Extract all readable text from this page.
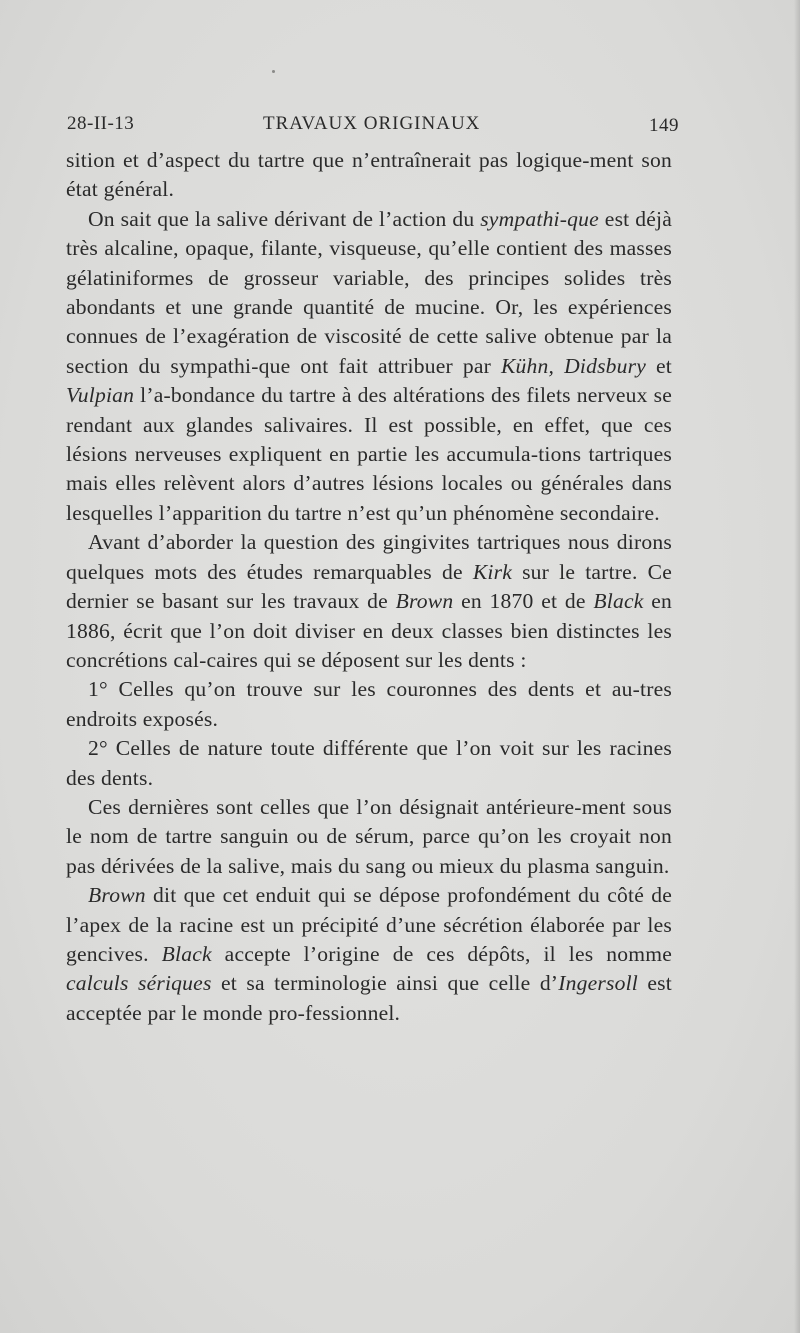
28-II-13	TRAVAUX ORIGINAUX	149

sition et d’aspect du tartre que n’entraînerait pas logique-ment son état général.

On sait que la salive dérivant de l’action du sympathi-que est déjà très alcaline, opaque, filante, visqueuse, qu’elle contient des masses gélatiniformes de grosseur variable, des principes solides très abondants et une grande quantité de mucine. Or, les expériences connues de l’exagération de viscosité de cette salive obtenue par la section du sympathi-que ont fait attribuer par Kühn, Didsbury et Vulpian l’a-bondance du tartre à des altérations des filets nerveux se rendant aux glandes salivaires. Il est possible, en effet, que ces lésions nerveuses expliquent en partie les accumula-tions tartriques mais elles relèvent alors d’autres lésions locales ou générales dans lesquelles l’apparition du tartre n’est qu’un phénomène secondaire.

Avant d’aborder la question des gingivites tartriques nous dirons quelques mots des études remarquables de Kirk sur le tartre. Ce dernier se basant sur les travaux de Brown en 1870 et de Black en 1886, écrit que l’on doit diviser en deux classes bien distinctes les concrétions cal-caires qui se déposent sur les dents :

1° Celles qu’on trouve sur les couronnes des dents et au-tres endroits exposés.

2° Celles de nature toute différente que l’on voit sur les racines des dents.

Ces dernières sont celles que l’on désignait antérieure-ment sous le nom de tartre sanguin ou de sérum, parce qu’on les croyait non pas dérivées de la salive, mais du sang ou mieux du plasma sanguin.

Brown dit que cet enduit qui se dépose profondément du côté de l’apex de la racine est un précipité d’une sécrétion élaborée par les gencives. Black accepte l’origine de ces dépôts, il les nomme calculs sériques et sa terminologie ainsi que celle d’Ingersoll est acceptée par le monde pro-fessionnel.
